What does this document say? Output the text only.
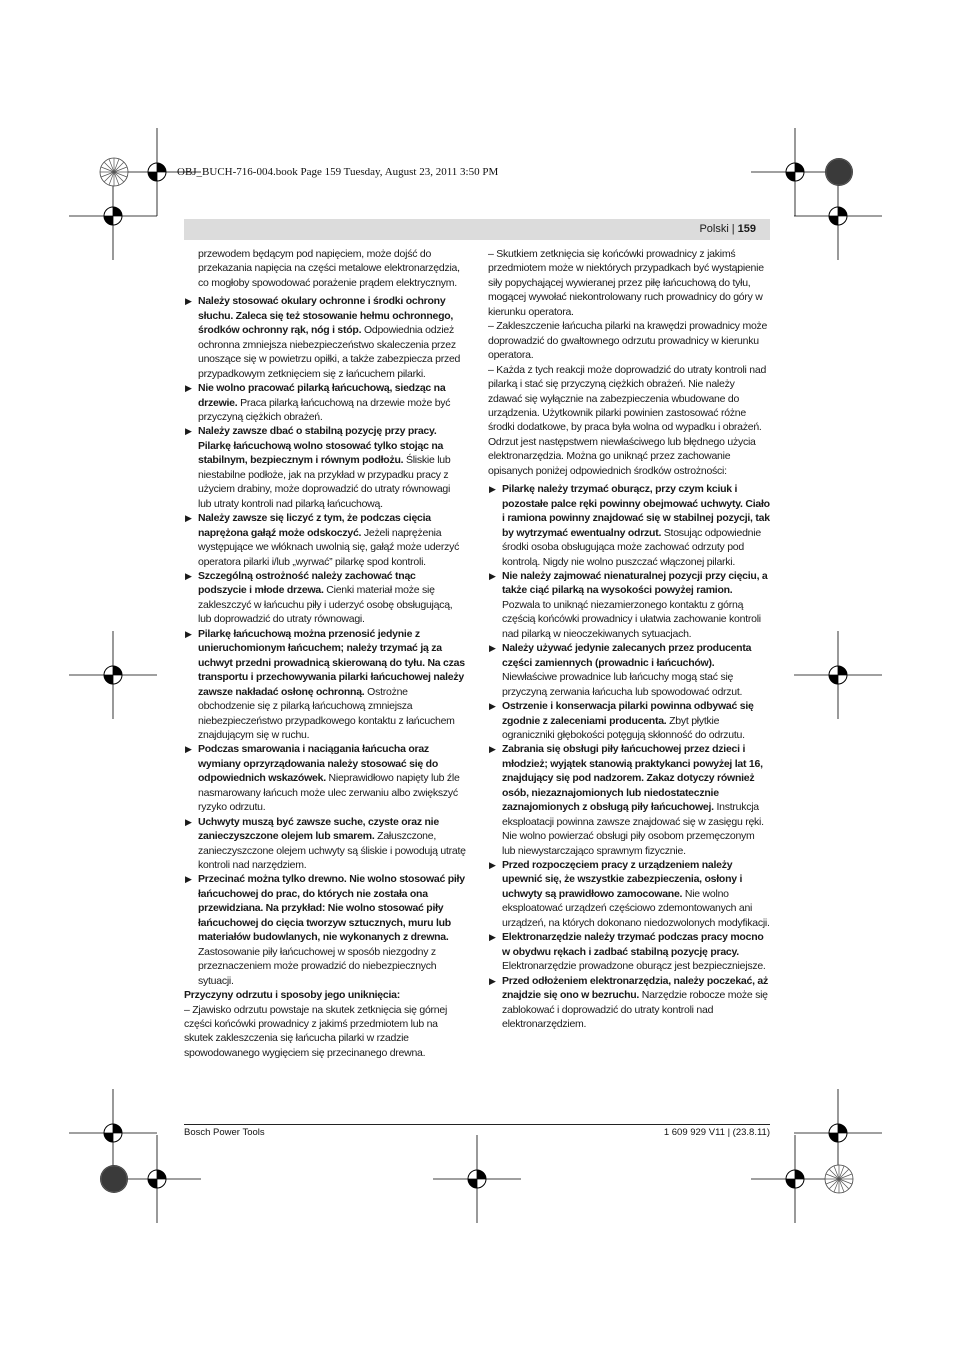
OBJ_BUCH-716-004.book Page 159 Tuesday, August 23, 2011 3:50 PM
Polski | 159

przewodem będącym pod napięciem, może dojść do przekazania napięcia na części metalowe elektronarzędzia, co mogłoby spowodować porażenie prądem elektrycznym.

▶ Należy stosować okulary ochronne i środki ochrony słuchu. Zaleca się też stosowanie hełmu ochronnego, środków ochronny rąk, nóg i stóp. Odpowiednia odzież ochronna zmniejsza niebezpieczeństwo skaleczenia przez unoszące się w powietrzu opiłki, a także zabezpiecza przed przypadkowym zetknięciem się z łańcuchem pilarki.

▶ Nie wolno pracować pilarką łańcuchową, siedząc na drzewie. Praca pilarką łańcuchową na drzewie może być przyczyną ciężkich obrażeń.

▶ Należy zawsze dbać o stabilną pozycję przy pracy. Pilarkę łańcuchową wolno stosować tylko stojąc na stabilnym, bezpiecznym i równym podłożu. Śliskie lub niestabilne podłoże, jak na przykład w przypadku pracy z użyciem drabiny, może doprowadzić do utraty równowagi lub utraty kontroli nad pilarką łańcuchową.

▶ Należy zawsze się liczyć z tym, że podczas cięcia naprężona gałąź może odskoczyć. Jeżeli naprężenia występujące we włóknach uwolnią się, gałąź może uderzyć operatora pilarki i/lub „wyrwać” pilarkę spod kontroli.

▶ Szczególną ostrożność należy zachować tnąc podszycie i młode drzewa. Cienki materiał może się zakleszczyć w łańcuchu piły i uderzyć osobę obsługującą, lub doprowadzić do utraty równowagi.

▶ Pilarkę łańcuchową można przenosić jedynie z unieruchomionym łańcuchem; należy trzymać ją za uchwyt przedni prowadnicą skierowaną do tyłu. Na czas transportu i przechowywania pilarki łańcuchowej należy zawsze nakładać osłonę ochronną. Ostrożne obchodzenie się z pilarką łańcuchową zmniejsza niebezpieczeństwo przypadkowego kontaktu z łańcuchem znajdującym się w ruchu.

▶ Podczas smarowania i naciągania łańcucha oraz wymiany oprzyrządowania należy stosować się do odpowiednich wskazówek. Nieprawidłowo napięty lub źle nasmarowany łańcuch może ulec zerwaniu albo zwiększyć ryzyko odrzutu.

▶ Uchwyty muszą być zawsze suche, czyste oraz nie zanieczyszczone olejem lub smarem. Załuszczone, zanieczyszczone olejem uchwyty są śliskie i powodują utratę kontroli nad narzędziem.

▶ Przecinać można tylko drewno. Nie wolno stosować piły łańcuchowej do prac, do których nie została ona przewidziana. Na przykład: Nie wolno stosować piły łańcuchowej do cięcia tworzyw sztucznych, muru lub materiałów budowlanych, nie wykonanych z drewna. Zastosowanie piły łańcuchowej w sposób niezgodny z przeznaczeniem może prowadzić do niebezpiecznych sytuacji.

Przyczyny odrzutu i sposoby jego uniknięcia:

– Zjawisko odrzutu powstaje na skutek zetknięcia się górnej części końcówki prowadnicy z jakimś przedmiotem lub na skutek zakleszczenia się łańcucha pilarki w rzadzie spowodowanego wygięciem się przecinanego drewna.

– Skutkiem zetknięcia się końcówki prowadnicy z jakimś przedmiotem może w niektórych przypadkach być wystąpienie siły popychającej wywieranej przez piłę łańcuchową do tyłu, mogącej wywołać niekontrolowany ruch prowadnicy do góry w kierunku operatora.

– Zakleszczenie łańcucha pilarki na krawędzi prowadnicy może doprowadzić do gwałtownego odrzutu prowadnicy w kierunku operatora.

– Każda z tych reakcji może doprowadzić do utraty kontroli nad pilarką i stać się przyczyną ciężkich obrażeń. Nie należy zdawać się wyłącznie na zabezpieczenia wbudowane do urządzenia. Użytkownik pilarki powinien zastosować różne środki dodatkowe, by praca była wolna od wypadku i obrażeń.

Odrzut jest następstwem niewłaściwego lub błędnego użycia elektronarzędzia. Można go uniknąć przez zachowanie opisanych poniżej odpowiednich środków ostrożności:

▶ Pilarkę należy trzymać oburącz, przy czym kciuk i pozostałe palce ręki powinny obejmować uchwyty. Ciało i ramiona powinny znajdować się w stabilnej pozycji, tak by wytrzymać ewentualny odrzut. Stosując odpowiednie środki osoba obsługująca może zachować odrzuty pod kontrolą. Nigdy nie wolno puszczać włączonej pilarki.

▶ Nie należy zajmować nienaturalnej pozycji przy cięciu, a także ciąć pilarką na wysokości powyżej ramion. Pozwala to uniknąć niezamierzonego kontaktu z górną częścią końcówki prowadnicy i ułatwia zachowanie kontroli nad pilarką w nieoczekiwanych sytuacjach.

▶ Należy używać jedynie zalecanych przez producenta części zamiennych (prowadnic i łańcuchów). Niewłaściwe prowadnice lub łańcuchy mogą stać się przyczyną zerwania łańcucha lub spowodować odrzut.

▶ Ostrzenie i konserwacja pilarki powinna odbywać się zgodnie z zaleceniami producenta. Zbyt płytkie ograniczniki głębokości potęgują skłonność do odrzutu.

▶ Zabrania się obsługi piły łańcuchowej przez dzieci i młodzież; wyjątek stanowią praktykanci powyżej lat 16, znajdujący się pod nadzorem. Zakaz dotyczy również osób, niezaznajomionych lub niedostatecznie zaznajomionych z obsługą piły łańcuchowej. Instrukcja eksploatacji powinna zawsze znajdować się w zasięgu ręki. Nie wolno powierzać obsługi piły osobom przemęczonym lub niewystarczająco sprawnym fizycznie.

▶ Przed rozpoczęciem pracy z urządzeniem należy upewnić się, że wszystkie zabezpieczenia, osłony i uchwyty są prawidłowo zamocowane. Nie wolno eksploatować urządzeń częściowo zdemontowanych ani urządzeń, na których dokonano niedozwolonych modyfikacji.

▶ Elektronarzędzie należy trzymać podczas pracy mocno w obydwu rękach i zadbać stabilną pozycję pracy. Elektronarzędzie prowadzone oburącz jest bezpieczniejsze.

▶ Przed odłożeniem elektronarzędzia, należy poczekać, aż znajdzie się ono w bezruchu. Narzędzie robocze może się zablokować i doprowadzić do utraty kontroli nad elektronarzędziem.

Bosch Power Tools	1 609 929 V11 | (23.8.11)
